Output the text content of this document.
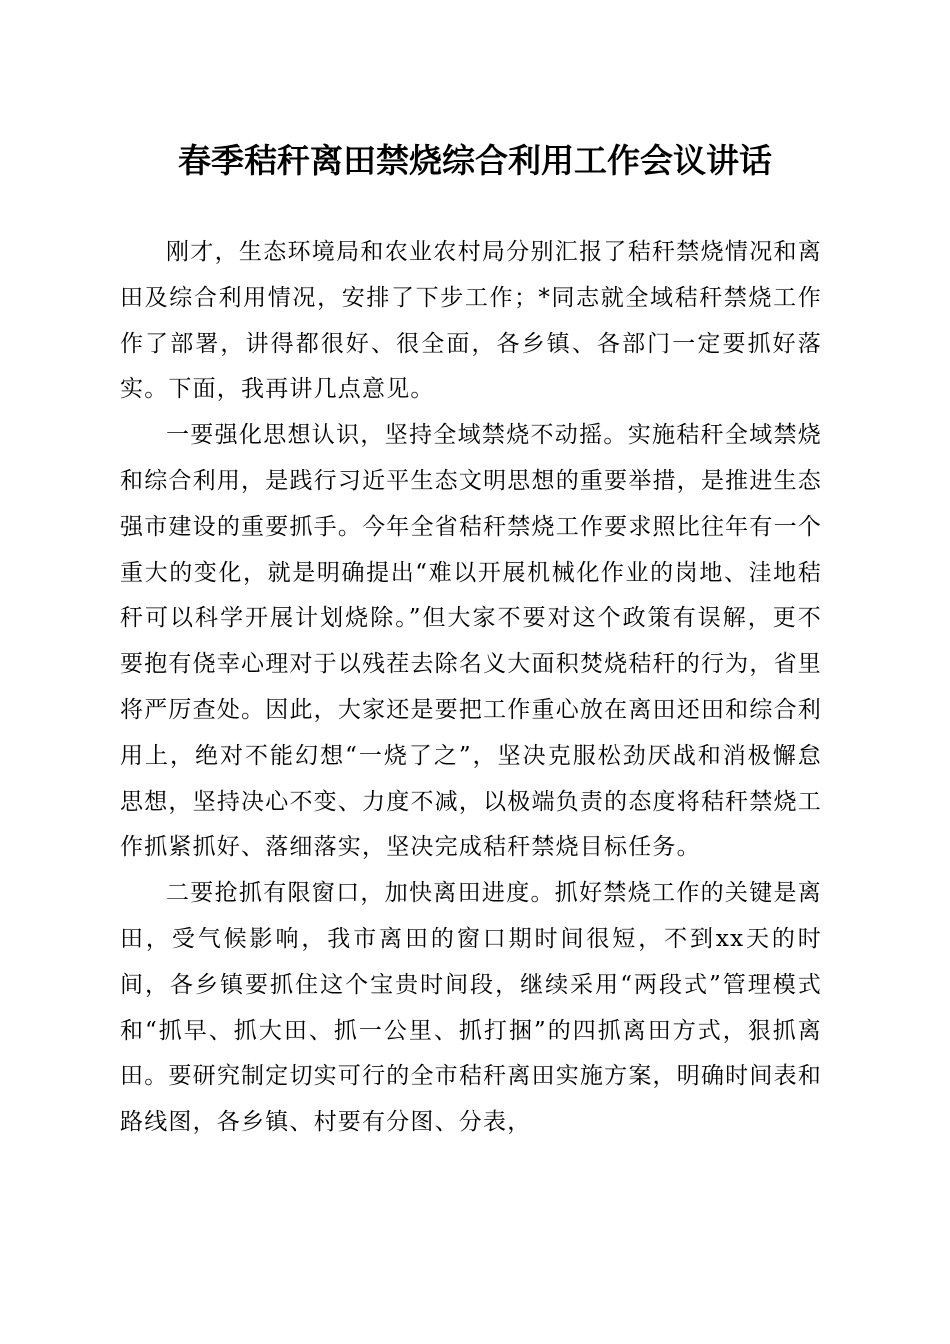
春季秸秆离田禁烧综合利用工作会议讲话

刚才，生态环境局和农业农村局分别汇报了秸秆禁烧情况和离田及综合利用情况，安排了下步工作；*同志就全域秸秆禁烧工作作了部署，讲得都很好、很全面，各乡镇、各部门一定要抓好落实。下面，我再讲几点意见。

一要强化思想认识，坚持全域禁烧不动摇。实施秸秆全域禁烧和综合利用，是践行习近平生态文明思想的重要举措，是推进生态强市建设的重要抓手。今年全省秸秆禁烧工作要求照比往年有一个重大的变化，就是明确提出“难以开展机械化作业的岗地、洼地秸秆可以科学开展计划烧除。”但大家不要对这个政策有误解，更不要抱有侥幸心理对于以残茬去除名义大面积焚烧秸秆的行为，省里将严厉查处。因此，大家还是要把工作重心放在离田还田和综合利用上，绝对不能幻想“一烧了之”，坚决克服松劲厌战和消极懈怠思想，坚持决心不变、力度不减，以极端负责的态度将秸秆禁烧工作抓紧抓好、落细落实，坚决完成秸秆禁烧目标任务。

二要抢抓有限窗口，加快离田进度。抓好禁烧工作的关键是离田，受气候影响，我市离田的窗口期时间很短，不到xx天的时间，各乡镇要抓住这个宝贵时间段，继续采用“两段式”管理模式和“抓早、抓大田、抓一公里、抓打捆”的四抓离田方式，狠抓离田。要研究制定切实可行的全市秸秆离田实施方案，明确时间表和路线图，各乡镇、村要有分图、分表，
